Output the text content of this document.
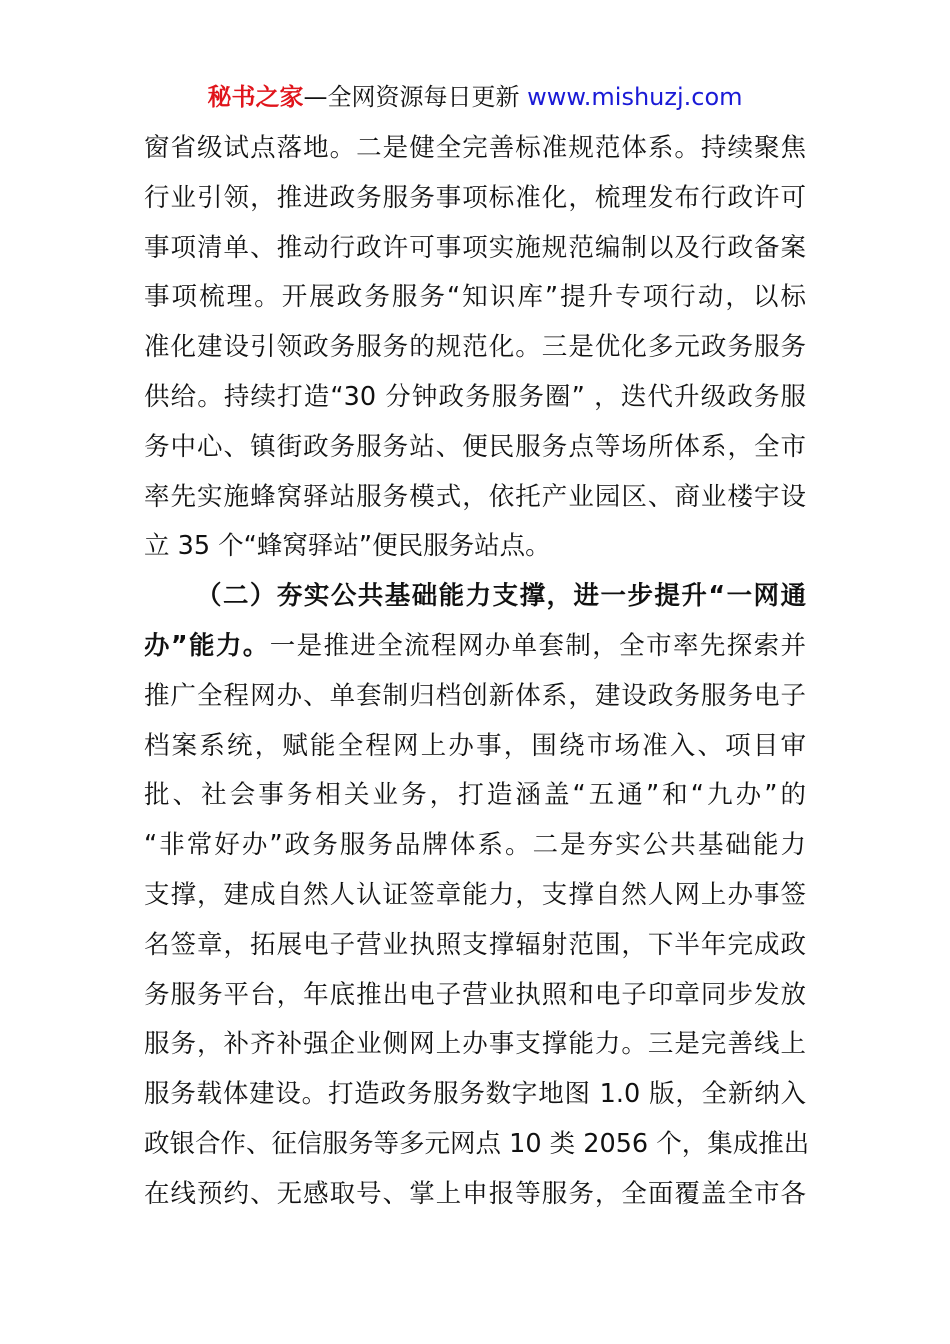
秘书之家—全网资源每日更新 www.mishuzj.com
窗省级试点落地。二是健全完善标准规范体系。持续聚焦
行业引领，推进政务服务事项标准化，梳理发布行政许可
事项清单、推动行政许可事项实施规范编制以及行政备案
事项梳理。开展政务服务“知识库”提升专项行动，以标
准化建设引领政务服务的规范化。三是优化多元政务服务
供给。持续打造“30 分钟政务服务圈” ，迭代升级政务服
务中心、镇街政务服务站、便民服务点等场所体系，全市
率先实施蜂窝驿站服务模式，依托产业园区、商业楼宇设
立 35 个“蜂窝驿站”便民服务站点。
（二）夯实公共基础能力支撑，进一步提升“一网通
办”能力。一是推进全流程网办单套制，全市率先探索并
推广全程网办、单套制归档创新体系，建设政务服务电子
档案系统，赋能全程网上办事，围绕市场准入、项目审
批、社会事务相关业务，打造涵盖“五通”和“九办”的
“非常好办”政务服务品牌体系。二是夯实公共基础能力
支撑，建成自然人认证签章能力，支撑自然人网上办事签
名签章，拓展电子营业执照支撑辐射范围，下半年完成政
务服务平台，年底推出电子营业执照和电子印章同步发放
服务，补齐补强企业侧网上办事支撑能力。三是完善线上
服务载体建设。打造政务服务数字地图 1.0 版，全新纳入
政银合作、征信服务等多元网点 10 类 2056 个，集成推出
在线预约、无感取号、掌上申报等服务，全面覆盖全市各
